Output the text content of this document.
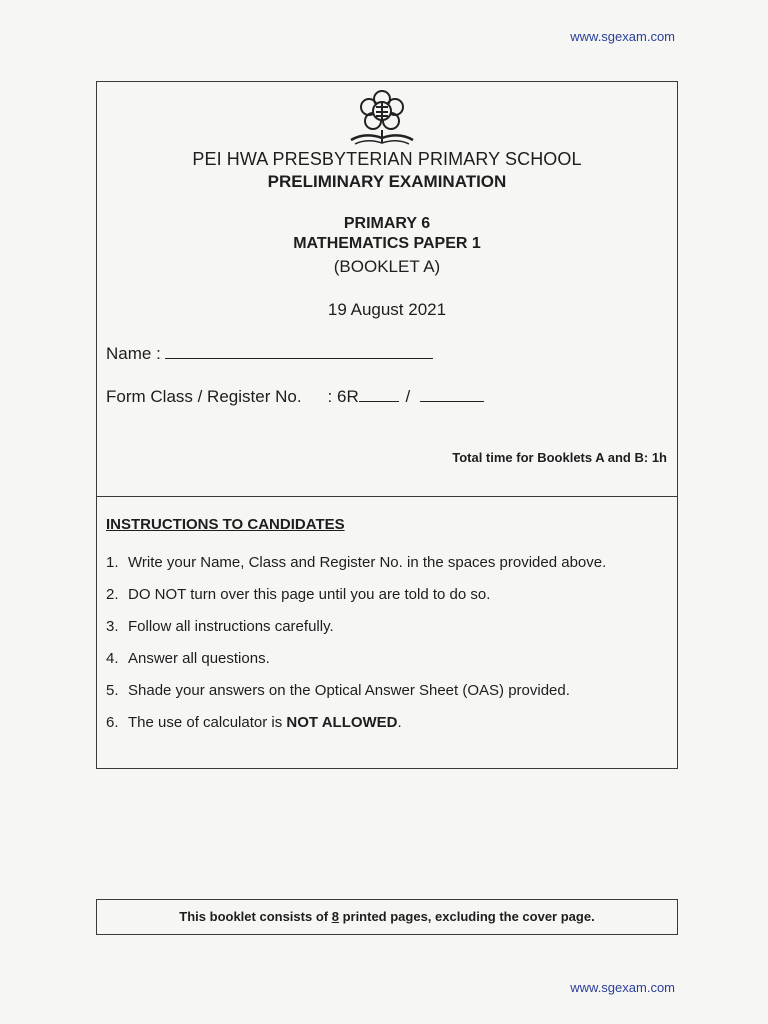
www.sgexam.com
PEI HWA PRESBYTERIAN PRIMARY SCHOOL
PRELIMINARY EXAMINATION
PRIMARY 6
MATHEMATICS PAPER 1
(BOOKLET A)
19 August 2021
Name :
Form Class / Register No. : 6R	/
Total time for Booklets A and B: 1h
INSTRUCTIONS TO CANDIDATES
1. Write your Name, Class and Register No. in the spaces provided above.
2. DO NOT turn over this page until you are told to do so.
3. Follow all instructions carefully.
4. Answer all questions.
5. Shade your answers on the Optical Answer Sheet (OAS) provided.
6. The use of calculator is NOT ALLOWED.
This booklet consists of 8 printed pages, excluding the cover page.
www.sgexam.com
